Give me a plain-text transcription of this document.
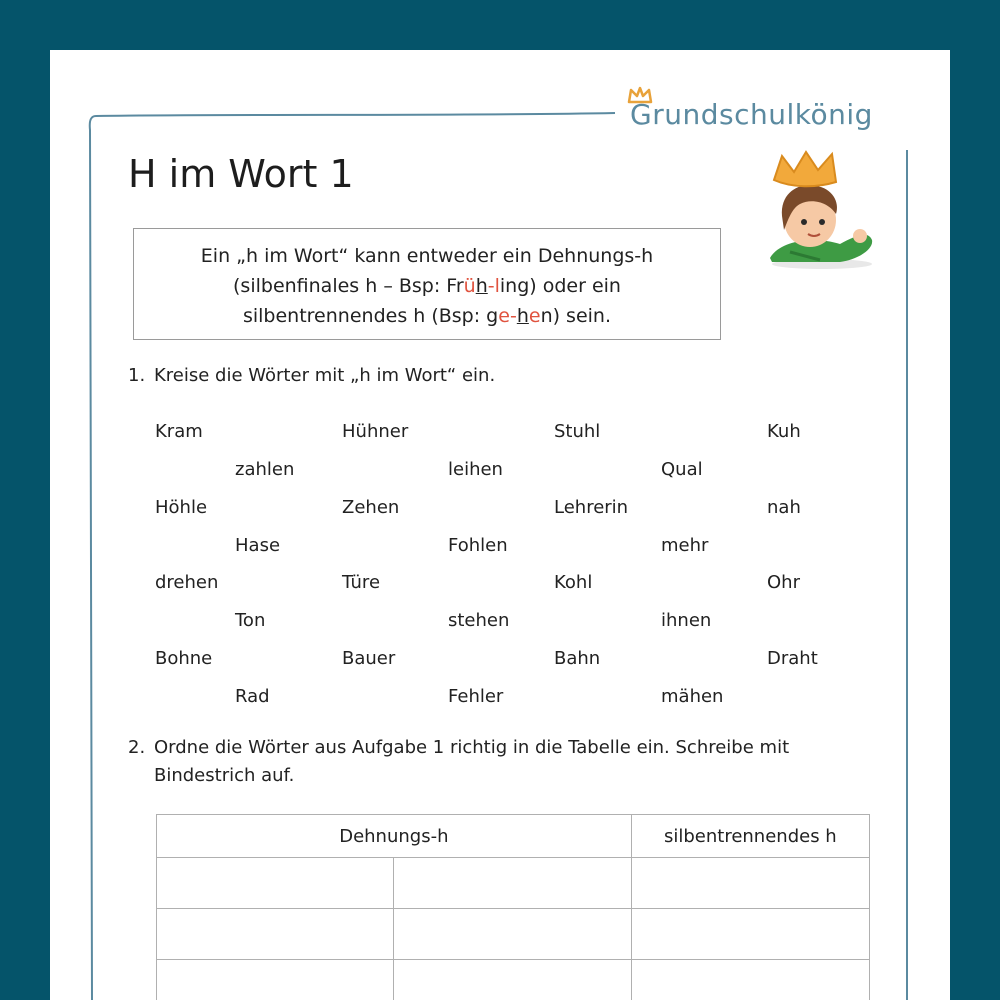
Grundschulkönig
H im Wort 1
Ein „h im Wort“ kann entweder ein Dehnungs-h
(silbenfinales h – Bsp: Früh-ling) oder ein
silbentrennendes h (Bsp: ge-hen) sein.
1. Kreise die Wörter mit „h im Wort“ ein.
Kram	Hühner	Stuhl	Kuh
zahlen	leihen	Qual
Höhle	Zehen	Lehrerin	nah
Hase	Fohlen	mehr
drehen	Türe	Kohl	Ohr
Ton	stehen	ihnen
Bohne	Bauer	Bahn	Draht
Rad	Fehler	mähen
2. Ordne die Wörter aus Aufgabe 1 richtig in die Tabelle ein. Schreibe mit
Bindestrich auf.
Dehnungs-h		silbentrennendes h
